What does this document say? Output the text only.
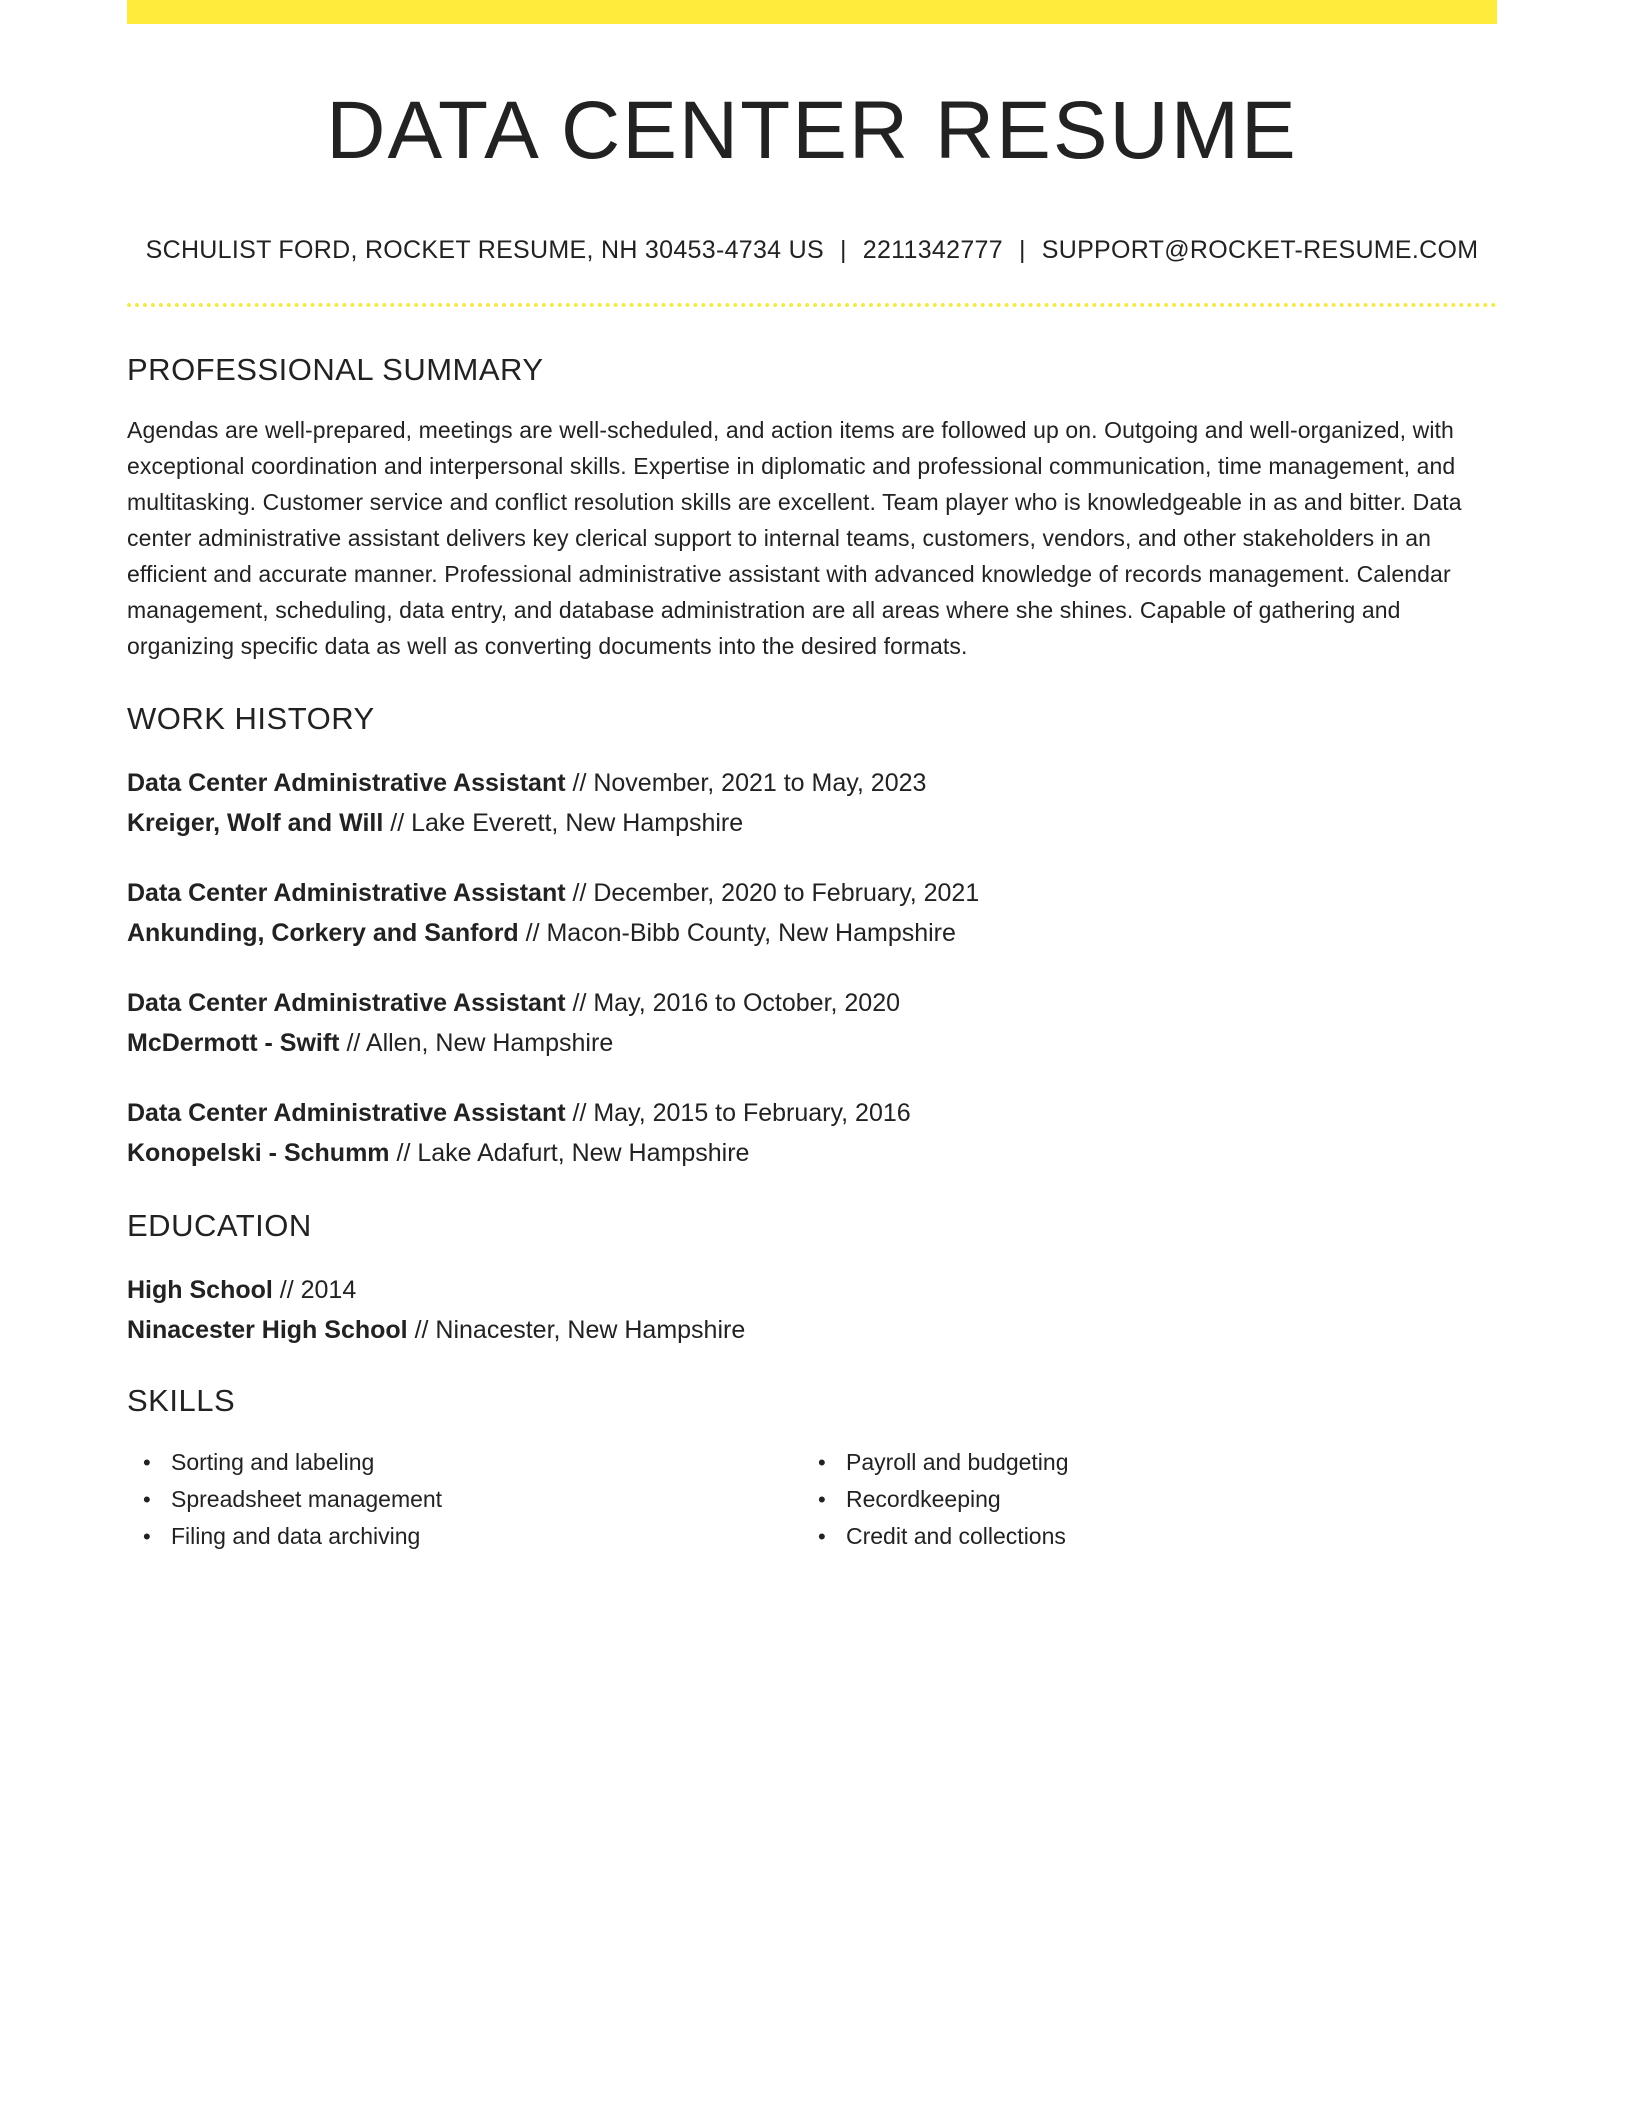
DATA CENTER RESUME
SCHULIST FORD, ROCKET RESUME, NH 30453-4734 US | 2211342777 | SUPPORT@ROCKET-RESUME.COM
PROFESSIONAL SUMMARY
Agendas are well-prepared, meetings are well-scheduled, and action items are followed up on. Outgoing and well-organized, with exceptional coordination and interpersonal skills. Expertise in diplomatic and professional communication, time management, and multitasking. Customer service and conflict resolution skills are excellent. Team player who is knowledgeable in as and bitter. Data center administrative assistant delivers key clerical support to internal teams, customers, vendors, and other stakeholders in an efficient and accurate manner. Professional administrative assistant with advanced knowledge of records management. Calendar management, scheduling, data entry, and database administration are all areas where she shines. Capable of gathering and organizing specific data as well as converting documents into the desired formats.
WORK HISTORY
Data Center Administrative Assistant // November, 2021 to May, 2023
Kreiger, Wolf and Will // Lake Everett, New Hampshire
Data Center Administrative Assistant // December, 2020 to February, 2021
Ankunding, Corkery and Sanford // Macon-Bibb County, New Hampshire
Data Center Administrative Assistant // May, 2016 to October, 2020
McDermott - Swift // Allen, New Hampshire
Data Center Administrative Assistant // May, 2015 to February, 2016
Konopelski - Schumm // Lake Adafurt, New Hampshire
EDUCATION
High School // 2014
Ninacester High School // Ninacester, New Hampshire
SKILLS
• Sorting and labeling
• Spreadsheet management
• Filing and data archiving
• Payroll and budgeting
• Recordkeeping
• Credit and collections
